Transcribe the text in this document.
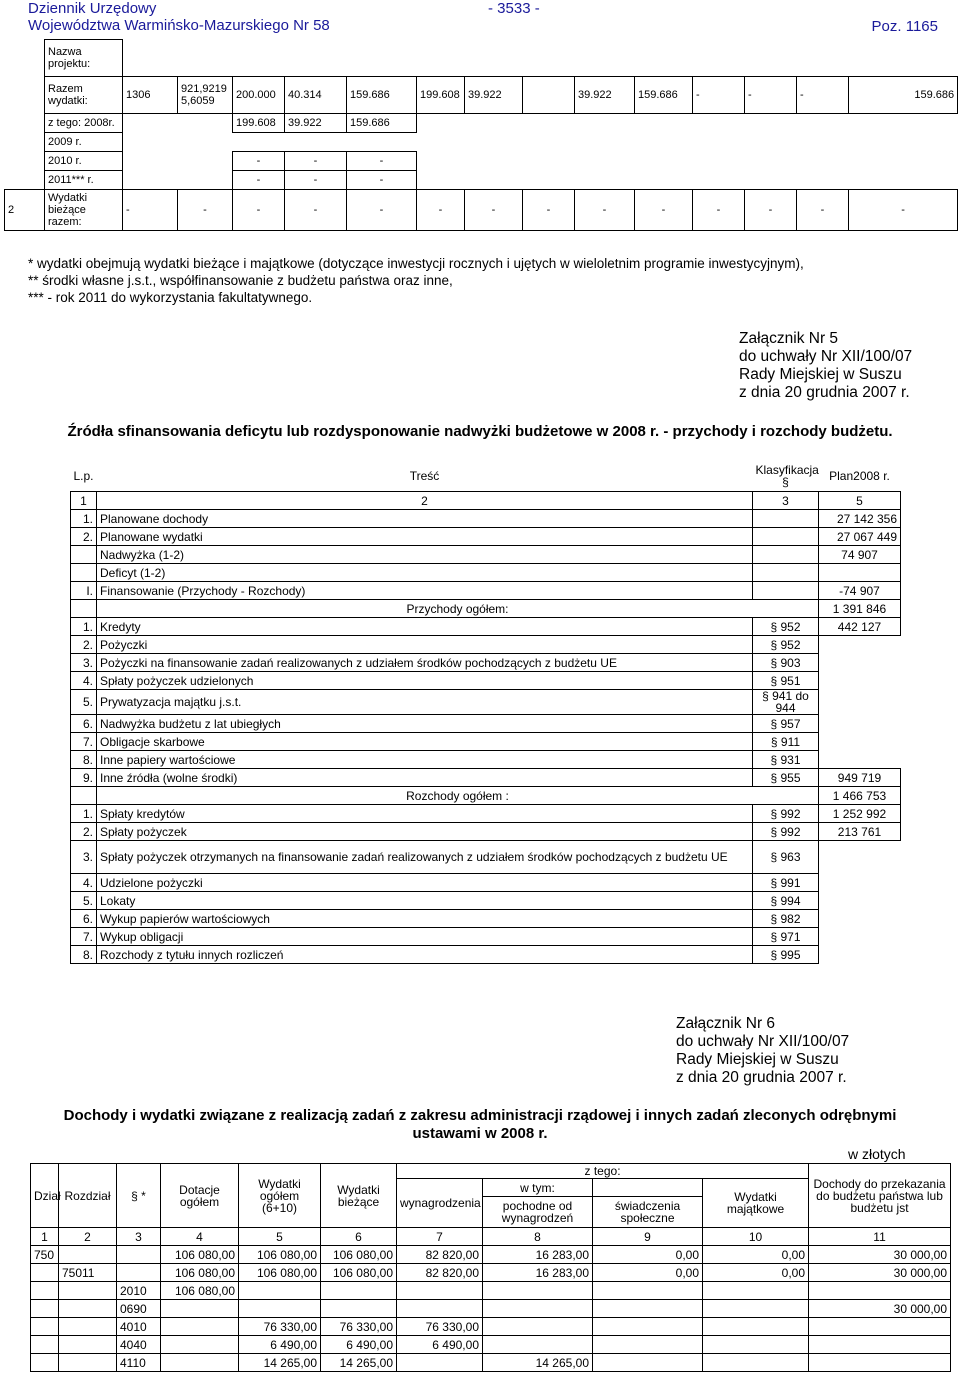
Dziennik Urzędowy
Województwa Warmińsko-Mazurskiego Nr 58
- 3533 -
Poz. 1165
	Nazwa projektu:														
	Razem wydatki:	1306	921,9219 5,6059	200.000	40.314	159.686	199.608	39.922		39.922	159.686	-	-	-	159.686
	z tego: 2008r.			199.608	39.922	159.686									
	2009 r.														
	2010 r.			-	-	-									
	2011*** r.			-	-	-									
2	Wydatki bieżące razem:	-	-	-	-	-	-	-	-	-	-	-	-	-	-
* wydatki obejmują wydatki bieżące i majątkowe (dotyczące inwestycji rocznych i ujętych w wieloletnim programie inwestycyjnym),
** środki własne j.s.t., współfinansowanie z budżetu państwa oraz inne,
*** - rok 2011 do wykorzystania fakultatywnego.
Załącznik Nr 5
do uchwały Nr XII/100/07
Rady Miejskiej w Suszu
z dnia 20 grudnia 2007 r.
Źródła sfinansowania deficytu lub rozdysponowanie nadwyżki budżetowe w 2008 r. - przychody i rozchody budżetu.
L.p.	Treść	Klasyfikacja §	Plan2008 r.
1	2	3	5
1.	Planowane dochody		27 142 356
2.	Planowane wydatki		27 067 449
	Nadwyżka (1-2)		74 907
	Deficyt (1-2)		
I.	Finansowanie (Przychody - Rozchody)		-74 907
	Przychody ogółem:		1 391 846
1.	Kredyty	§ 952	442 127
2.	Pożyczki	§ 952	
3.	Pożyczki na finansowanie zadań realizowanych z udziałem środków pochodzących z budżetu UE	§ 903	
4.	Spłaty pożyczek udzielonych	§ 951	
5.	Prywatyzacja majątku j.s.t.	§ 941 do 944	
6.	Nadwyżka budżetu z lat ubiegłych	§ 957	
7.	Obligacje skarbowe	§ 911	
8.	Inne papiery wartościowe	§ 931	
9.	Inne źródła (wolne środki)	§ 955	949 719
	Rozchody ogółem :		1 466 753
1.	Spłaty kredytów	§ 992	1 252 992
2.	Spłaty pożyczek	§ 992	213 761
3.	Spłaty pożyczek otrzymanych na finansowanie zadań realizowanych z udziałem środków pochodzących z budżetu UE	§ 963	
4.	Udzielone pożyczki	§ 991	
5.	Lokaty	§ 994	
6.	Wykup papierów wartościowych	§ 982	
7.	Wykup obligacji	§ 971	
8.	Rozchody z tytułu innych rozliczeń	§ 995	
Załącznik Nr 6
do uchwały Nr XII/100/07
Rady Miejskiej w Suszu
z dnia 20 grudnia 2007 r.
Dochody i wydatki związane z realizacją zadań z zakresu administracji rządowej i innych zadań zleconych odrębnymi
ustawami w 2008 r.
w złotych
Dział	Rozdział	§ *	Dotacje ogółem	Wydatki ogółem (6+10)	Wydatki bieżące	z tego:				Dochody do przekazania do budżetu państwa lub budżetu jst
						wynagrodzenia	w tym:		Wydatki majątkowe	
							pochodne od wynagrodzeń	świadczenia społeczne		
1	2	3	4	5	6	7	8	9	10	11
750			106 080,00	106 080,00	106 080,00	82 820,00	16 283,00	0,00	0,00	30 000,00
	75011		106 080,00	106 080,00	106 080,00	82 820,00	16 283,00	0,00	0,00	30 000,00
		2010	106 080,00							
		0690								30 000,00
		4010		76 330,00	76 330,00	76 330,00				
		4040		6 490,00	6 490,00	6 490,00				
		4110		14 265,00	14 265,00		14 265,00			
